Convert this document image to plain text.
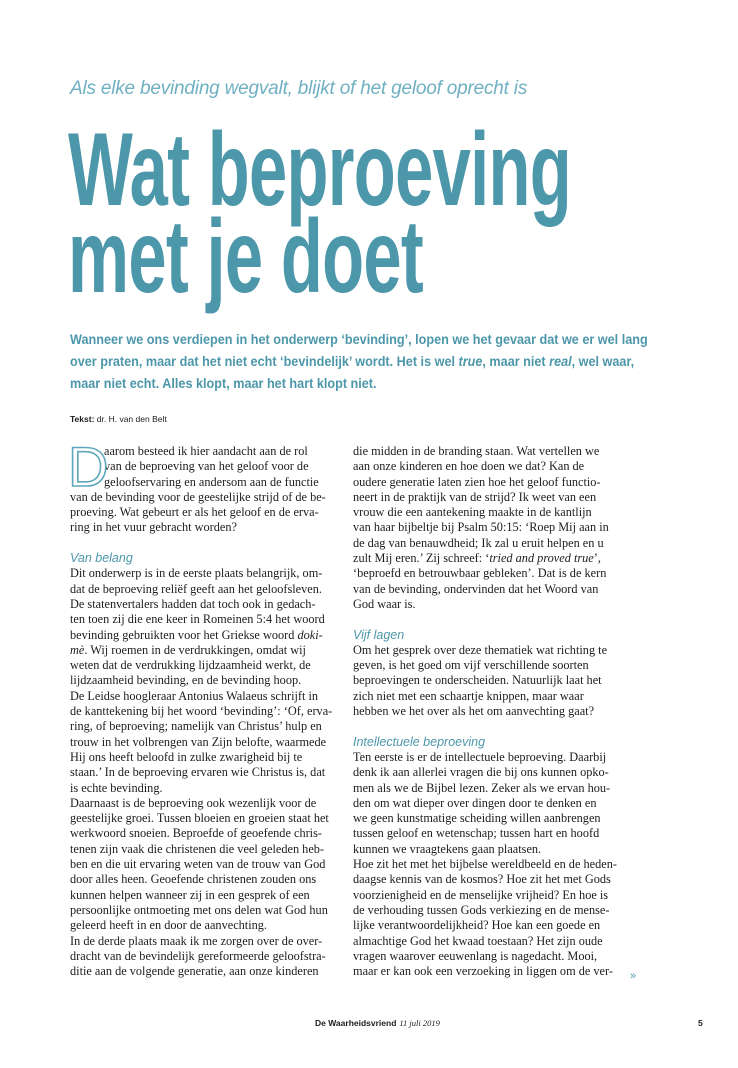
Als elke bevinding wegvalt, blijkt of het geloof oprecht is
Wat beproeving
met je doet
Wanneer we ons verdiepen in het onderwerp ‘bevinding’, lopen we het gevaar dat we er wel lang
over praten, maar dat het niet echt ‘bevindelijk’ wordt. Het is wel true, maar niet real, wel waar,
maar niet echt. Alles klopt, maar het hart klopt niet.
Tekst: dr. H. van den Belt
D
aarom besteed ik hier aandacht aan de rol
van de beproeving van het geloof voor de
geloofservaring en andersom aan de functie
van de bevinding voor de geestelijke strijd of de be-
proeving. Wat gebeurt er als het geloof en de erva-
ring in het vuur gebracht worden?
Van belang
Dit onderwerp is in de eerste plaats belangrijk, om-
dat de beproeving reliëf geeft aan het geloofsleven.
De statenvertalers hadden dat toch ook in gedach-
ten toen zij die ene keer in Romeinen 5:4 het woord
bevinding gebruikten voor het Griekse woord doki-
mè. Wij roemen in de verdrukkingen, omdat wij
weten dat de verdrukking lijdzaamheid werkt, de
lijdzaamheid bevinding, en de bevinding hoop.
De Leidse hoogleraar Antonius Walaeus schrijft in
de kanttekening bij het woord ‘bevinding’: ‘Of, erva-
ring, of beproeving; namelijk van Christus’ hulp en
trouw in het volbrengen van Zijn belofte, waarmede
Hij ons heeft beloofd in zulke zwarigheid bij te
staan.’ In de beproeving ervaren wie Christus is, dat
is echte bevinding.
Daarnaast is de beproeving ook wezenlijk voor de
geestelijke groei. Tussen bloeien en groeien staat het
werkwoord snoeien. Beproefde of geoefende chris-
tenen zijn vaak die christenen die veel geleden heb-
ben en die uit ervaring weten van de trouw van God
door alles heen. Geoefende christenen zouden ons
kunnen helpen wanneer zij in een gesprek of een
persoonlijke ontmoeting met ons delen wat God hun
geleerd heeft in en door de aanvechting.
In de derde plaats maak ik me zorgen over de over-
dracht van de bevindelijk gereformeerde geloofstra-
ditie aan de volgende generatie, aan onze kinderen
die midden in de branding staan. Wat vertellen we
aan onze kinderen en hoe doen we dat? Kan de
oudere generatie laten zien hoe het geloof functio-
neert in de praktijk van de strijd? Ik weet van een
vrouw die een aantekening maakte in de kantlijn
van haar bijbeltje bij Psalm 50:15: ‘Roep Mij aan in
de dag van benauwdheid; Ik zal u eruit helpen en u
zult Mij eren.’ Zij schreef: ‘tried and proved true’,
‘beproefd en betrouwbaar gebleken’. Dat is de kern
van de bevinding, ondervinden dat het Woord van
God waar is.
Vijf lagen
Om het gesprek over deze thematiek wat richting te
geven, is het goed om vijf verschillende soorten
beproevingen te onderscheiden. Natuurlijk laat het
zich niet met een schaartje knippen, maar waar
hebben we het over als het om aanvechting gaat?
Intellectuele beproeving
Ten eerste is er de intellectuele beproeving. Daarbij
denk ik aan allerlei vragen die bij ons kunnen opko-
men als we de Bijbel lezen. Zeker als we ervan hou-
den om wat dieper over dingen door te denken en
we geen kunstmatige scheiding willen aanbrengen
tussen geloof en wetenschap; tussen hart en hoofd
kunnen we vraagtekens gaan plaatsen.
Hoe zit het met het bijbelse wereldbeeld en de heden-
daagse kennis van de kosmos? Hoe zit het met Gods
voorzienigheid en de menselijke vrijheid? En hoe is
de verhouding tussen Gods verkiezing en de mense-
lijke verantwoordelijkheid? Hoe kan een goede en
almachtige God het kwaad toestaan? Het zijn oude
vragen waarover eeuwenlang is nagedacht. Mooi,
maar er kan ook een verzoeking in liggen om de ver-	»
De Waarheidsvriend 11 juli 2019	5
